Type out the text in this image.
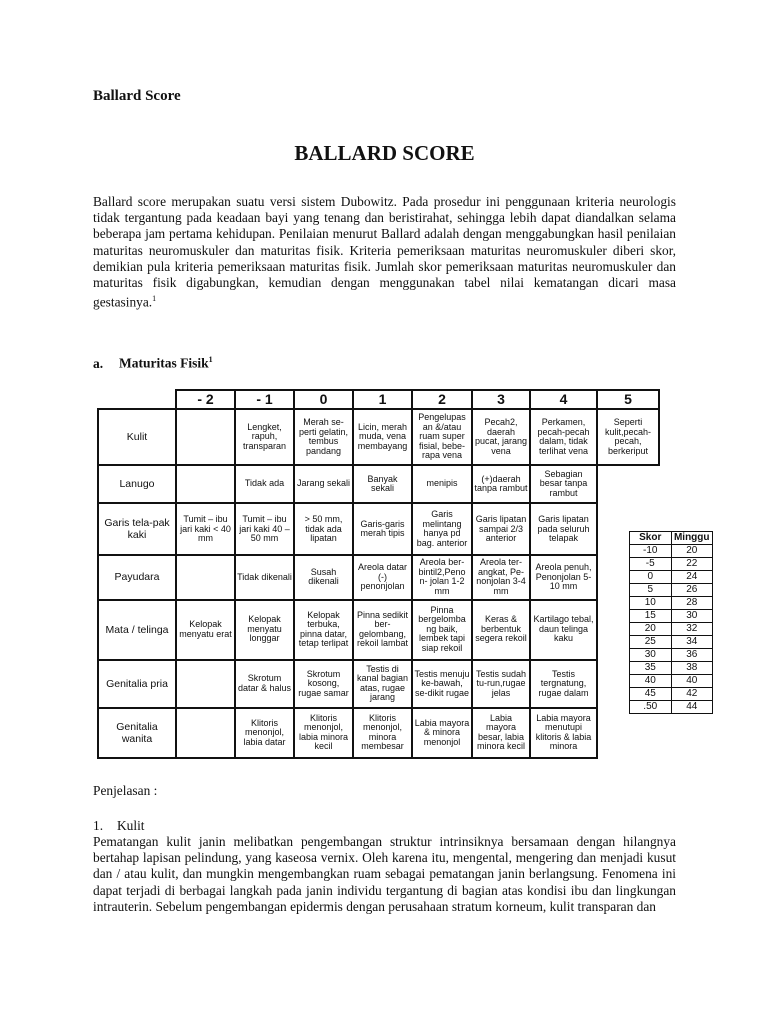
Ballard Score
BALLARD SCORE

Ballard score merupakan suatu versi sistem Dubowitz. Pada prosedur ini penggunaan kriteria neurologis tidak tergantung pada keadaan bayi yang tenang dan beristirahat, sehingga lebih dapat diandalkan selama beberapa jam pertama kehidupan. Penilaian menurut Ballard adalah dengan menggabungkan hasil penilaian maturitas neuromuskuler dan maturitas fisik. Kriteria pemeriksaan maturitas neuromuskuler diberi skor, demikian pula kriteria pemeriksaan maturitas fisik. Jumlah skor pemeriksaan maturitas neuromuskuler dan maturitas fisik digabungkan, kemudian dengan menggunakan tabel nilai kematangan dicari masa gestasinya.$^1$

a. Maturitas Fisik$^1$
	- 2	- 1	0	1	2	3	4	5
Kulit		Lengket, rapuh, transparan	Merah se-perti gelatin, tembus pandang	Licin, merah muda, vena membayang	Pengelupas an &/atau ruam super fisial, bebe-rapa vena	Pecah2, daerah pucat, jarang vena	Perkamen, pecah-pecah dalam, tidak terlihat vena	Seperti kulit,pecah-pecah, berkeriput
Lanugo		Tidak ada	Jarang sekali	Banyak sekali	menipis	(+)daerah tanpa rambut	Sebagian besar tanpa rambut	
Garis tela-pak kaki	Tumit – ibu jari kaki < 40 mm	Tumit – ibu jari kaki 40 –50 mm	> 50 mm, tidak ada lipatan	Garis-garis merah tipis	Garis melintang hanya pd bag. anterior	Garis lipatan sampai 2/3 anterior	Garis lipatan pada seluruh telapak	
Payudara		Tidak dikenali	Susah dikenali	Areola datar (-) penonjolan	Areola ber-bintil2,Peno n- jolan 1-2 mm	Areola ter-angkat, Pe-nonjolan 3-4 mm	Areola penuh, Penonjolan 5- 10 mm	
Mata / telinga	Kelopak menyatu erat	Kelopak menyatu longgar	Kelopak terbuka, pinna datar, tetap terlipat	Pinna sedikit ber-gelombang, rekoil lambat	Pinna bergelomba ng baik, lembek tapi siap rekoil	Keras & berbentuk segera rekoil	Kartilago tebal, daun telinga kaku	
Genitalia pria		Skrotum datar & halus	Skrotum kosong, rugae samar	Testis di kanal bagian atas, rugae jarang	Testis menuju ke-bawah, se-dikit rugae	Testis sudah tu-run,rugae jelas	Testis tergnatung, rugae dalam	
Genitalia wanita		Klitoris menonjol, labia datar	Klitoris menonjol, labia minora kecil	Klitoris menonjol, minora membesar	Labia mayora & minora menonjol	Labia mayora besar, labia minora kecil	Labia mayora menutupi klitoris & labia minora	
Skor	Minggu
-10	20
-5	22
0	24
5	26
10	28
15	30
20	32
25	34
30	36
35	38
40	40
45	42
.50	44
Penjelasan :
1. Kulit

Pematangan kulit janin melibatkan pengembangan struktur intrinsiknya bersamaan dengan hilangnya bertahap lapisan pelindung, yang kaseosa vernix. Oleh karena itu, mengental, mengering dan menjadi kusut dan / atau kulit, dan mungkin mengembangkan ruam sebagai pematangan janin berlangsung. Fenomena ini dapat terjadi di berbagai langkah pada janin individu tergantung di bagian atas kondisi ibu dan lingkungan intrauterin. Sebelum pengembangan epidermis dengan perusahaan stratum korneum, kulit transparan dan
